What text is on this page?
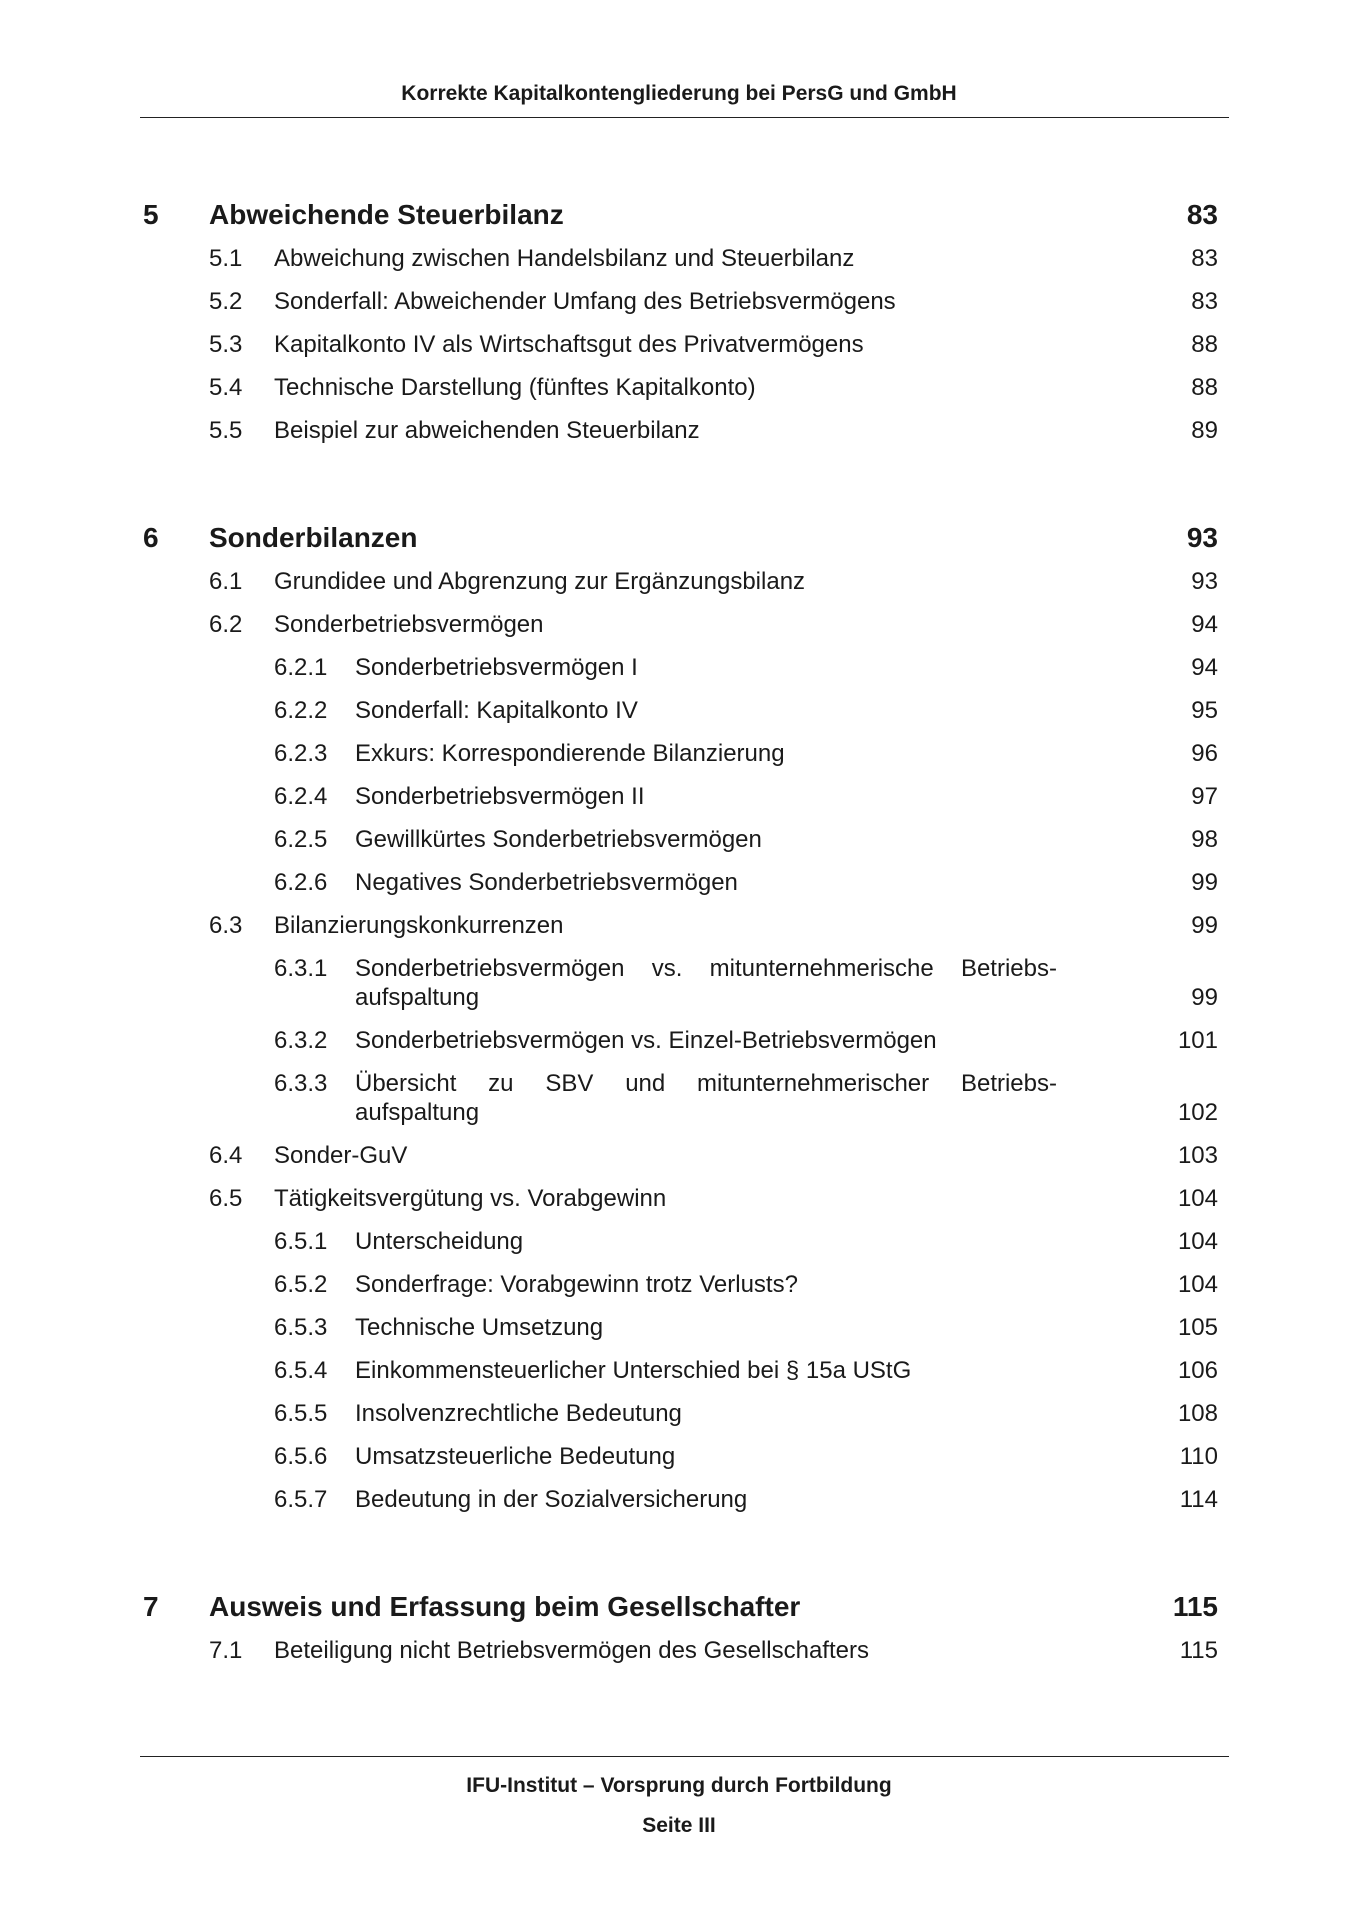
Korrekte Kapitalkontengliederung bei PersG und GmbH
5 Abweichende Steuerbilanz	83
5.1 Abweichung zwischen Handelsbilanz und Steuerbilanz	83
5.2 Sonderfall: Abweichender Umfang des Betriebsvermögens	83
5.3 Kapitalkonto IV als Wirtschaftsgut des Privatvermögens	88
5.4 Technische Darstellung (fünftes Kapitalkonto)	88
5.5 Beispiel zur abweichenden Steuerbilanz	89
6 Sonderbilanzen	93
6.1 Grundidee und Abgrenzung zur Ergänzungsbilanz	93
6.2 Sonderbetriebsvermögen	94
6.2.1 Sonderbetriebsvermögen I	94
6.2.2 Sonderfall: Kapitalkonto IV	95
6.2.3 Exkurs: Korrespondierende Bilanzierung	96
6.2.4 Sonderbetriebsvermögen II	97
6.2.5 Gewillkürtes Sonderbetriebsvermögen	98
6.2.6 Negatives Sonderbetriebsvermögen	99
6.3 Bilanzierungskonkurrenzen	99
6.3.1 Sonderbetriebsvermögen vs. mitunternehmerische Betriebs-
aufspaltung	99
6.3.2 Sonderbetriebsvermögen vs. Einzel-Betriebsvermögen	101
6.3.3 Übersicht zu SBV und mitunternehmerischer Betriebs-
aufspaltung	102
6.4 Sonder-GuV	103
6.5 Tätigkeitsvergütung vs. Vorabgewinn	104
6.5.1 Unterscheidung	104
6.5.2 Sonderfrage: Vorabgewinn trotz Verlusts?	104
6.5.3 Technische Umsetzung	105
6.5.4 Einkommensteuerlicher Unterschied bei § 15a UStG	106
6.5.5 Insolvenzrechtliche Bedeutung	108
6.5.6 Umsatzsteuerliche Bedeutung	110
6.5.7 Bedeutung in der Sozialversicherung	114
7 Ausweis und Erfassung beim Gesellschafter	115
7.1 Beteiligung nicht Betriebsvermögen des Gesellschafters	115
IFU-Institut – Vorsprung durch Fortbildung
Seite III
